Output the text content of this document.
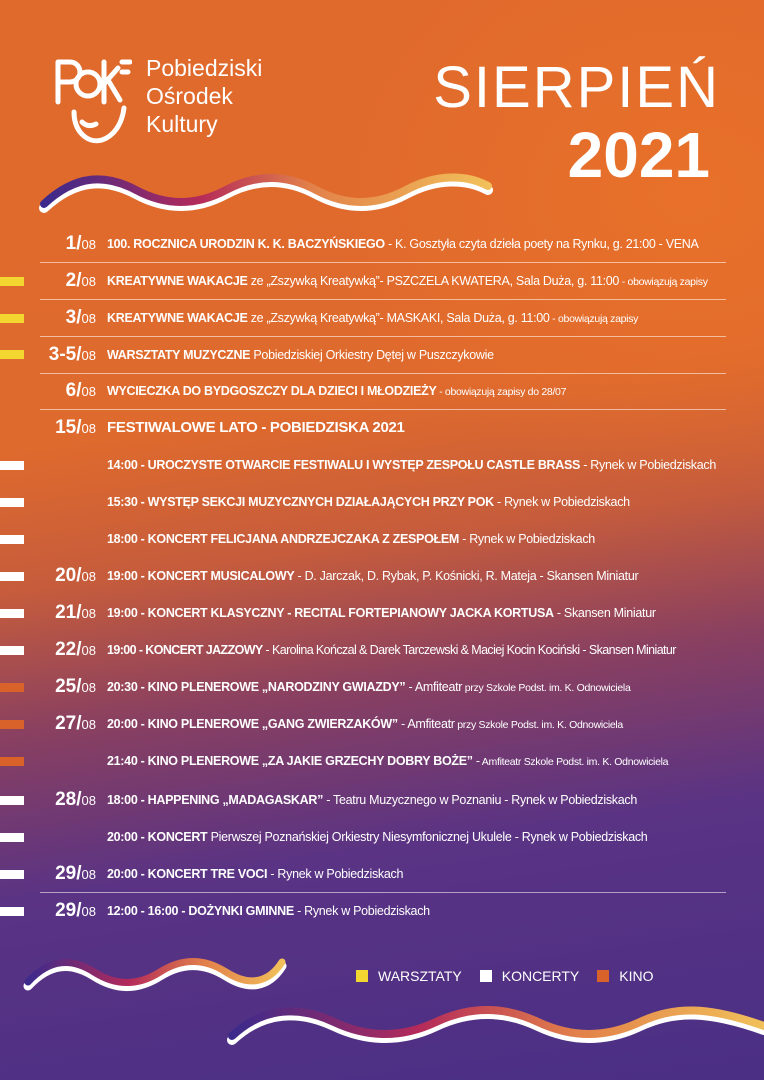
Pobiedziski
Ośrodek
Kultury
SIERPIEŃ
2021
1/08 100. ROCZNICA URODZIN K. K. BACZYŃSKIEGO - K. Gosztyła czyta dzieła poety na Rynku, g. 21:00 - VENA
2/08 KREATYWNE WAKACJE ze „Zszywką Kreatywką”- PSZCZELA KWATERA, Sala Duża, g. 11:00 - obowiązują zapisy
3/08 KREATYWNE WAKACJE ze „Zszywką Kreatywką”- MASKAKI, Sala Duża, g. 11:00 - obowiązują zapisy
3-5/08 WARSZTATY MUZYCZNE Pobiedziskiej Orkiestry Dętej w Puszczykowie
6/08 WYCIECZKA DO BYDGOSZCZY DLA DZIECI I MŁODZIEŻY - obowiązują zapisy do 28/07
15/08 FESTIWALOWE LATO - POBIEDZISKA 2021
14:00 - UROCZYSTE OTWARCIE FESTIWALU I WYSTĘP ZESPOŁU CASTLE BRASS - Rynek w Pobiedziskach
15:30 - WYSTĘP SEKCJI MUZYCZNYCH DZIAŁAJĄCYCH PRZY POK - Rynek w Pobiedziskach
18:00 - KONCERT FELICJANA ANDRZEJCZAKA Z ZESPOŁEM - Rynek w Pobiedziskach
20/08 19:00 - KONCERT MUSICALOWY - D. Jarczak, D. Rybak, P. Kośnicki, R. Mateja - Skansen Miniatur
21/08 19:00 - KONCERT KLASYCZNY - RECITAL FORTEPIANOWY JACKA KORTUSA - Skansen Miniatur
22/08 19:00 - KONCERT JAZZOWY - Karolina Kończal & Darek Tarczewski & Maciej Kocin Kociński - Skansen Miniatur
25/08 20:30 - KINO PLENEROWE „NARODZINY GWIAZDY” - Amfiteatr przy Szkole Podst. im. K. Odnowiciela
27/08 20:00 - KINO PLENEROWE „GANG ZWIERZAKÓW” - Amfiteatr przy Szkole Podst. im. K. Odnowiciela
21:40 - KINO PLENEROWE „ZA JAKIE GRZECHY DOBRY BOŻE” - Amfiteatr Szkole Podst. im. K. Odnowiciela
28/08 18:00 - HAPPENING „MADAGASKAR” - Teatru Muzycznego w Poznaniu - Rynek w Pobiedziskach
20:00 - KONCERT Pierwszej Poznańskiej Orkiestry Niesymfonicznej Ukulele - Rynek w Pobiedziskach
29/08 20:00 - KONCERT TRE VOCI - Rynek w Pobiedziskach
29/08 12:00 - 16:00 - DOŻYNKI GMINNE - Rynek w Pobiedziskach
WARSZTATY	KONCERTY	KINO
